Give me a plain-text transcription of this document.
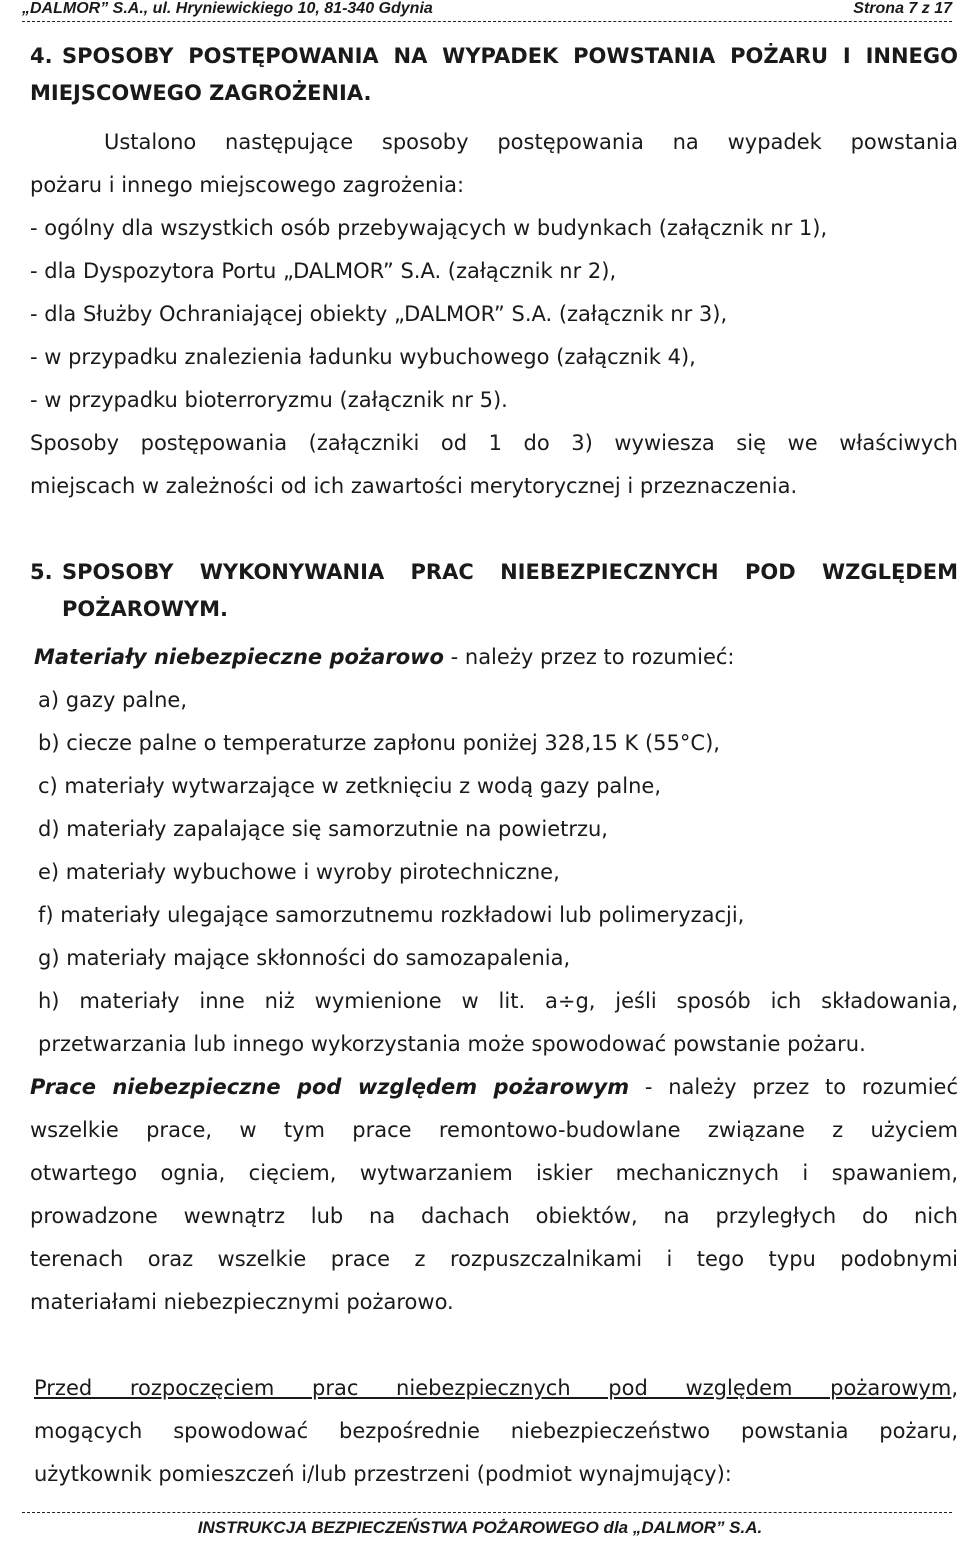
„DALMOR” S.A., ul. Hryniewickiego 10, 81-340 Gdynia	Strona 7 z 17

4. SPOSOBY POSTĘPOWANIA NA WYPADEK POWSTANIA POŻARU I INNEGO

MIEJSCOWEGO ZAGROŻENIA.

Ustalono następujące sposoby postępowania na wypadek powstania

pożaru i innego miejscowego zagrożenia:

- ogólny dla wszystkich osób przebywających w budynkach (załącznik nr 1),

- dla Dyspozytora Portu „DALMOR” S.A. (załącznik nr 2),

- dla Służby Ochraniającej obiekty „DALMOR” S.A. (załącznik nr 3),

- w przypadku znalezienia ładunku wybuchowego (załącznik 4),

- w przypadku bioterroryzmu (załącznik nr 5).

Sposoby postępowania (załączniki od 1 do 3) wywiesza się we właściwych

miejscach w zależności od ich zawartości merytorycznej i przeznaczenia.

5. SPOSOBY WYKONYWANIA PRAC NIEBEZPIECZNYCH POD WZGLĘDEM

POŻAROWYM.

Materiały niebezpieczne pożarowo - należy przez to rozumieć:

a) gazy palne,

b) ciecze palne o temperaturze zapłonu poniżej 328,15 K (55°C),

c) materiały wytwarzające w zetknięciu z wodą gazy palne,

d) materiały zapalające się samorzutnie na powietrzu,

e) materiały wybuchowe i wyroby pirotechniczne,

f) materiały ulegające samorzutnemu rozkładowi lub polimeryzacji,

g) materiały mające skłonności do samozapalenia,

h) materiały inne niż wymienione w lit. a÷g, jeśli sposób ich składowania,

przetwarzania lub innego wykorzystania może spowodować powstanie pożaru.

Prace niebezpieczne pod względem pożarowym - należy przez to rozumieć

wszelkie prace, w tym prace remontowo-budowlane związane z użyciem

otwartego ognia, cięciem, wytwarzaniem iskier mechanicznych i spawaniem,

prowadzone wewnątrz lub na dachach obiektów, na przyległych do nich

terenach oraz wszelkie prace z rozpuszczalnikami i tego typu podobnymi

materiałami niebezpiecznymi pożarowo.

Przed rozpoczęciem prac niebezpiecznych pod względem pożarowym,

mogących spowodować bezpośrednie niebezpieczeństwo powstania pożaru,

użytkownik pomieszczeń i/lub przestrzeni (podmiot wynajmujący):

INSTRUKCJA BEZPIECZEŃSTWA POŻAROWEGO dla „DALMOR” S.A.
